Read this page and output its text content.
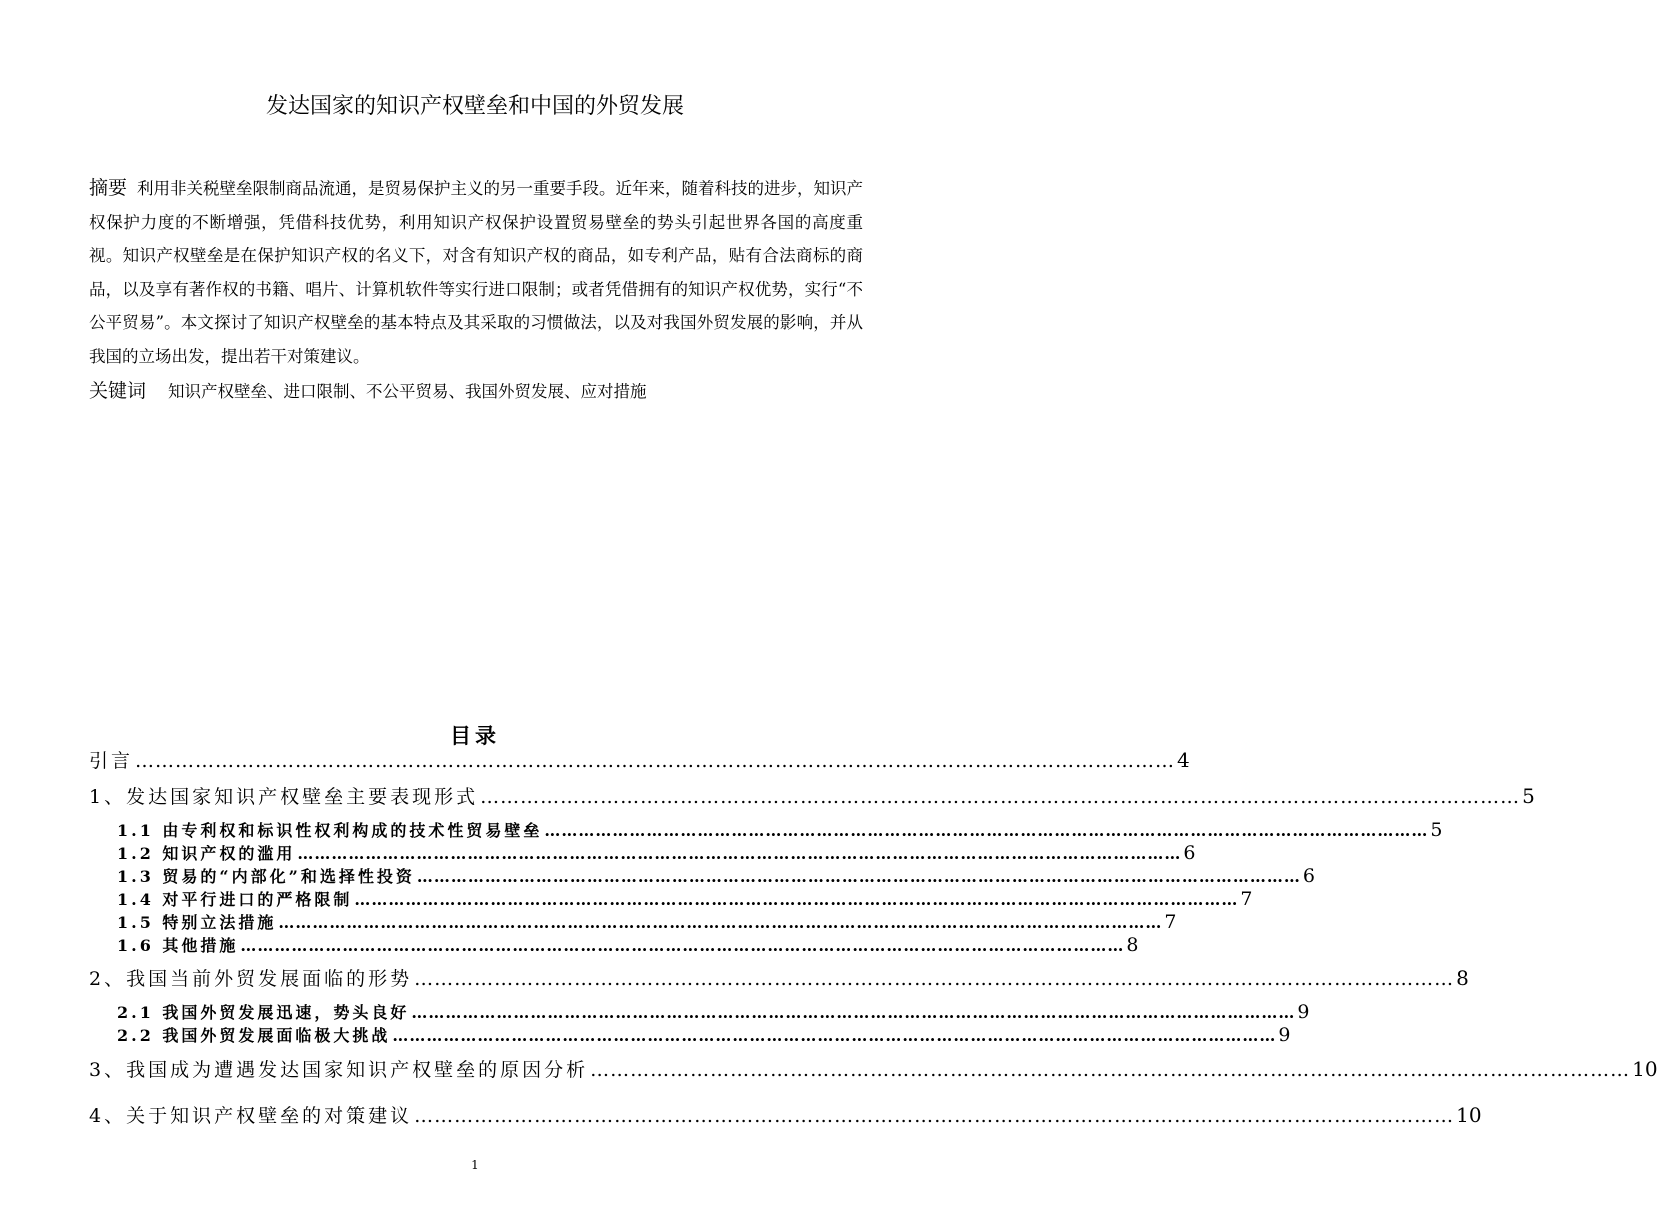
发达国家的知识产权壁垒和中国的外贸发展
摘要 利用非关税壁垒限制商品流通，是贸易保护主义的另一重要手段。近年来，随着科技的进步，知识产权保护力度的不断增强，凭借科技优势，利用知识产权保护设置贸易壁垒的势头引起世界各国的高度重视。知识产权壁垒是在保护知识产权的名义下，对含有知识产权的商品，如专利产品，贴有合法商标的商品，以及享有著作权的书籍、唱片、计算机软件等实行进口限制；或者凭借拥有的知识产权优势，实行“不公平贸易”。本文探讨了知识产权壁垒的基本特点及其采取的习惯做法，以及对我国外贸发展的影响，并从我国的立场出发，提出若干对策建议。
关键词 知识产权壁垒、进口限制、不公平贸易、我国外贸发展、应对措施
目录
引言 ………………………………………………………………………………………………………………………………………… 4
1、发达国家知识产权壁垒主要表现形式 ………………………………………………………………………………………………………………………………………… 5
1.1 由专利权和标识性权利构成的技术性贸易壁垒 ………………………………………………………………………………………………………………………………………… 5
1.2 知识产权的滥用 ………………………………………………………………………………………………………………………………………… 6
1.3 贸易的“内部化”和选择性投资 ………………………………………………………………………………………………………………………………………… 6
1.4 对平行进口的严格限制 ………………………………………………………………………………………………………………………………………… 7
1.5 特别立法措施 ………………………………………………………………………………………………………………………………………… 7
1.6 其他措施 ………………………………………………………………………………………………………………………………………… 8
2、我国当前外贸发展面临的形势 ………………………………………………………………………………………………………………………………………… 8
2.1 我国外贸发展迅速，势头良好 ………………………………………………………………………………………………………………………………………… 9
2.2 我国外贸发展面临极大挑战 ………………………………………………………………………………………………………………………………………… 9
3、我国成为遭遇发达国家知识产权壁垒的原因分析 ………………………………………………………………………………………………………………………………………… 10
4、关于知识产权壁垒的对策建议 ………………………………………………………………………………………………………………………………………… 10
1
